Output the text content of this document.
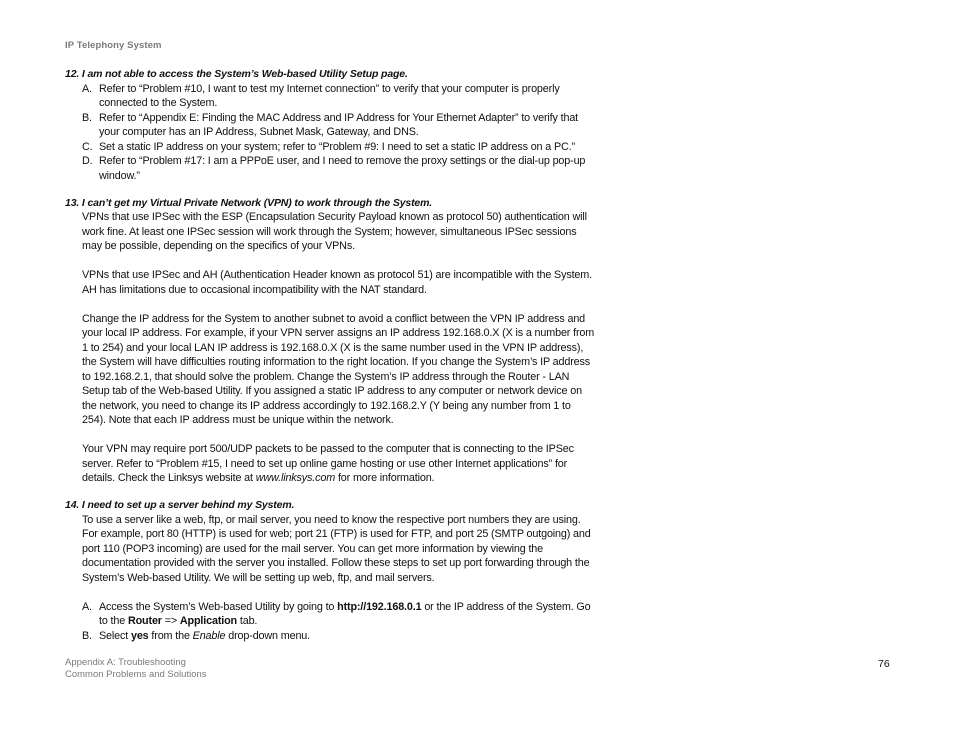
IP Telephony System

12. I am not able to access the System’s Web-based Utility Setup page.

A. Refer to “Problem #10, I want to test my Internet connection” to verify that your computer is properly connected to the System.

B. Refer to “Appendix E: Finding the MAC Address and IP Address for Your Ethernet Adapter” to verify that your computer has an IP Address, Subnet Mask, Gateway, and DNS.

C. Set a static IP address on your system; refer to “Problem #9: I need to set a static IP address on a PC.”

D. Refer to “Problem #17: I am a PPPoE user, and I need to remove the proxy settings or the dial-up pop-up window.”

13. I can’t get my Virtual Private Network (VPN) to work through the System.

VPNs that use IPSec with the ESP (Encapsulation Security Payload known as protocol 50) authentication will work fine. At least one IPSec session will work through the System; however, simultaneous IPSec sessions may be possible, depending on the specifics of your VPNs.

VPNs that use IPSec and AH (Authentication Header known as protocol 51) are incompatible with the System. AH has limitations due to occasional incompatibility with the NAT standard.

Change the IP address for the System to another subnet to avoid a conflict between the VPN IP address and your local IP address. For example, if your VPN server assigns an IP address 192.168.0.X (X is a number from 1 to 254) and your local LAN IP address is 192.168.0.X (X is the same number used in the VPN IP address), the System will have difficulties routing information to the right location. If you change the System’s IP address to 192.168.2.1, that should solve the problem. Change the System’s IP address through the Router - LAN Setup tab of the Web-based Utility. If you assigned a static IP address to any computer or network device on the network, you need to change its IP address accordingly to 192.168.2.Y (Y being any number from 1 to 254). Note that each IP address must be unique within the network.

Your VPN may require port 500/UDP packets to be passed to the computer that is connecting to the IPSec server. Refer to “Problem #15, I need to set up online game hosting or use other Internet applications” for details. Check the Linksys website at www.linksys.com for more information.

14. I need to set up a server behind my System.

To use a server like a web, ftp, or mail server, you need to know the respective port numbers they are using. For example, port 80 (HTTP) is used for web; port 21 (FTP) is used for FTP, and port 25 (SMTP outgoing) and port 110 (POP3 incoming) are used for the mail server. You can get more information by viewing the documentation provided with the server you installed. Follow these steps to set up port forwarding through the System’s Web-based Utility. We will be setting up web, ftp, and mail servers.

A. Access the System’s Web-based Utility by going to http://192.168.0.1 or the IP address of the System. Go to the Router => Application tab.

B. Select yes from the Enable drop-down menu.

Appendix A: Troubleshooting
Common Problems and Solutions
76
